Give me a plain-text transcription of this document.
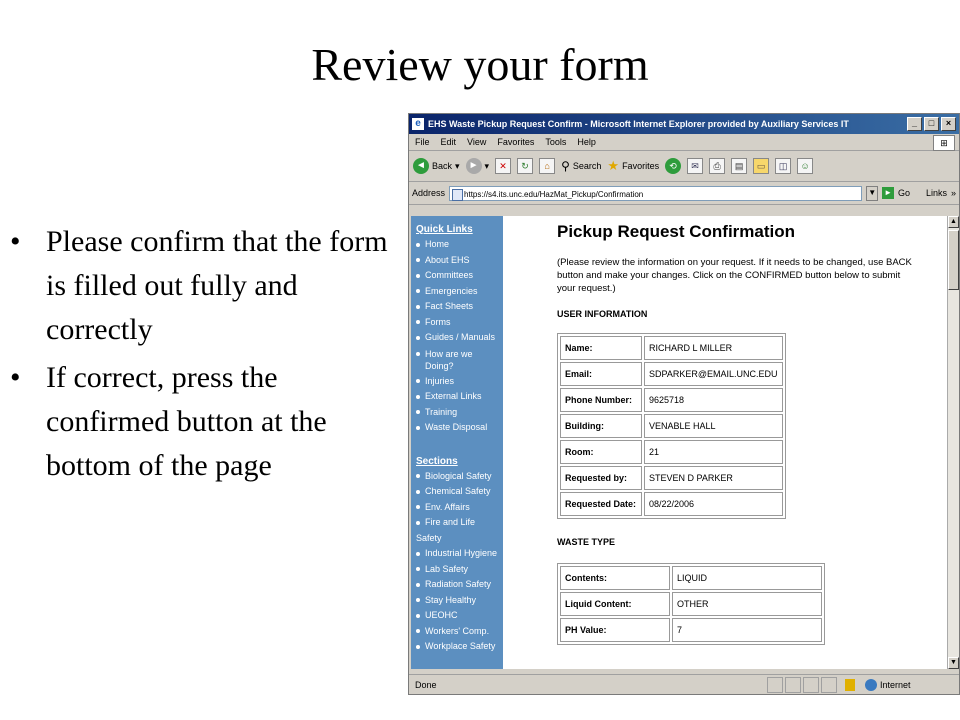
Review your form
• Please confirm that the form is filled out fully and correctly
• If correct, press the confirmed button at the bottom of the page
e EHS Waste Pickup Request Confirm - Microsoft Internet Explorer provided by Auxiliary Services IT	_	□	×
File Edit View Favorites Tools Help	⊞
◄ Back ▾ ► ▾	✕	↻	⌂ ⚲ Search ★ Favorites	⟲	✉	⎙	▤	▭	◫	☺
Address	https://s4.its.unc.edu/HazMat_Pickup/Confirmation	▼ ► Go Links »
Quick Links
Home
About EHS
Committees
Emergencies
Fact Sheets
Forms
Guides / Manuals
How are we Doing?
Injuries
External Links
Training
Waste Disposal
Sections
Biological Safety
Chemical Safety
Env. Affairs
Fire and Life Safety
Industrial Hygiene
Lab Safety
Radiation Safety
Stay Healthy
UEOHC
Workers' Comp.
Workplace Safety
Pickup Request Confirmation
(Please review the information on your request. If it needs to be changed, use BACK button and make your changes. Click on the CONFIRMED button below to submit your request.)
USER INFORMATION
Name:	RICHARD L MILLER
Email:	SDPARKER@EMAIL.UNC.EDU
Phone Number:	9625718
Building:	VENABLE HALL
Room:	21
Requested by:	STEVEN D PARKER
Requested Date:	08/22/2006
WASTE TYPE
Contents:	LIQUID
Liquid Content:	OTHER
PH Value:	7
▲
▼
Done	Internet
